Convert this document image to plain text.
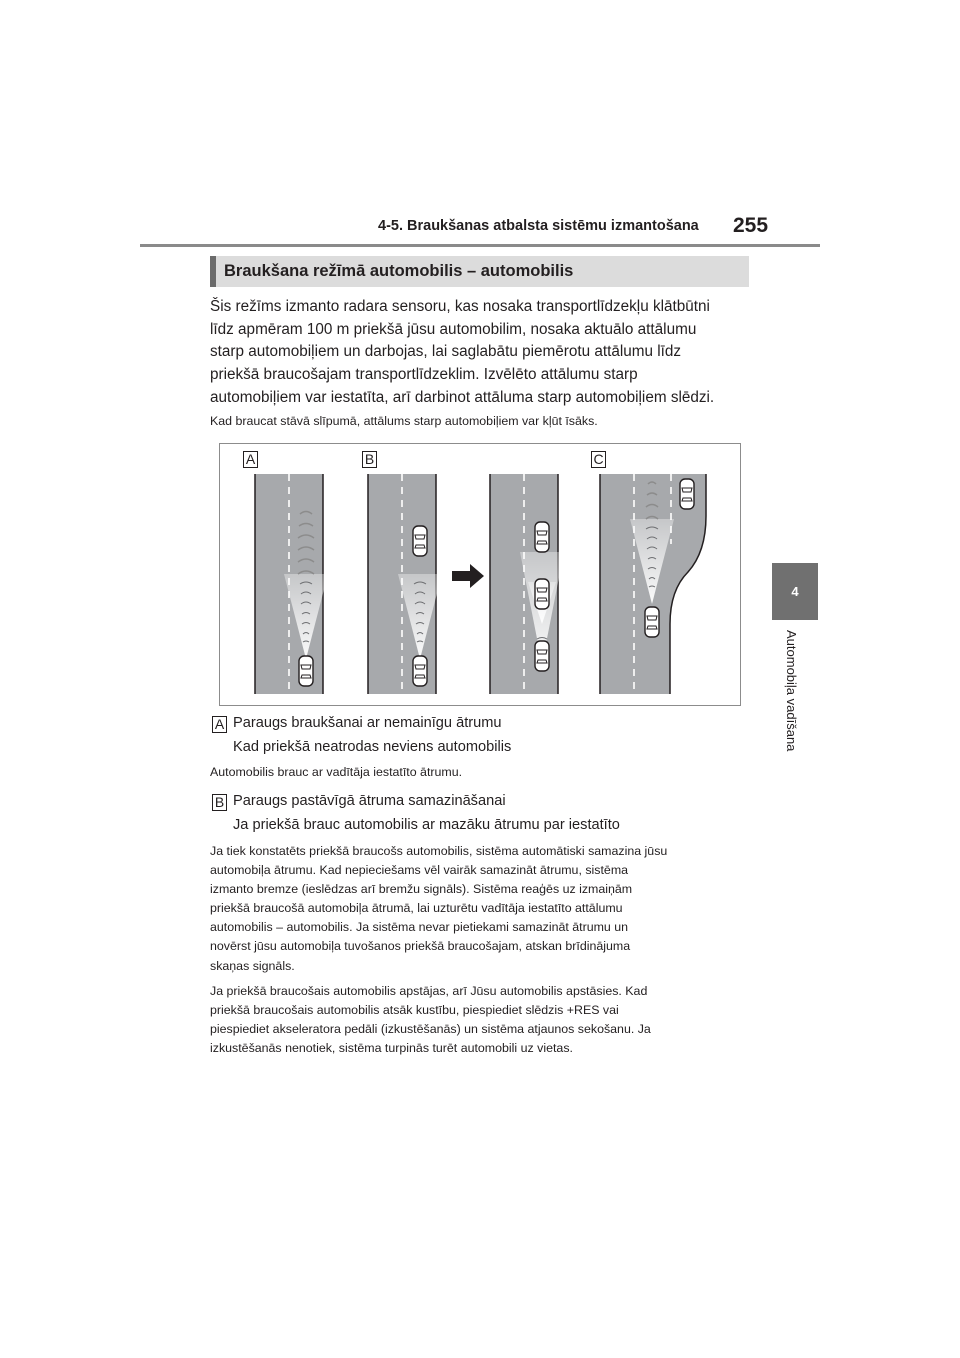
4-5. Braukšanas atbalsta sistēmu izmantošana 255
4
Automobiļa vadīšana
Braukšana režīmā automobilis – automobilis
Šis režīms izmanto radara sensoru, kas nosaka transportlīdzekļu klātbūtni
līdz apmēram 100 m priekšā jūsu automobilim, nosaka aktuālo attālumu
starp automobiļiem un darbojas, lai saglabātu piemērotu attālumu līdz
priekšā braucošajam transportlīdzeklim. Izvēlēto attālumu starp
automobiļiem var iestatīta, arī darbinot attāluma starp automobiļiem slēdzi.
Kad braucat stāvā slīpumā, attālums starp automobiļiem var kļūt īsāks.
A	B	C
A Paraugs braukšanai ar nemainīgu ātrumu
Kad priekšā neatrodas neviens automobilis
Automobilis brauc ar vadītāja iestatīto ātrumu.
B Paraugs pastāvīgā ātruma samazināšanai
Ja priekšā brauc automobilis ar mazāku ātrumu par iestatīto
Ja tiek konstatēts priekšā braucošs automobilis, sistēma automātiski samazina jūsu
automobiļa ātrumu. Kad nepieciešams vēl vairāk samazināt ātrumu, sistēma
izmanto bremze (ieslēdzas arī bremžu signāls). Sistēma reaģēs uz izmaiņām
priekšā braucošā automobiļa ātrumā, lai uzturētu vadītāja iestatīto attālumu
automobilis – automobilis. Ja sistēma nevar pietiekami samazināt ātrumu un
novērst jūsu automobiļa tuvošanos priekšā braucošajam, atskan brīdinājuma
skaņas signāls.
Ja priekšā braucošais automobilis apstājas, arī Jūsu automobilis apstāsies. Kad
priekšā braucošais automobilis atsāk kustību, piespiediet slēdzis +RES vai
piespiediet akseleratora pedāli (izkustēšanās) un sistēma atjaunos sekošanu. Ja
izkustēšanās nenotiek, sistēma turpinās turēt automobili uz vietas.
